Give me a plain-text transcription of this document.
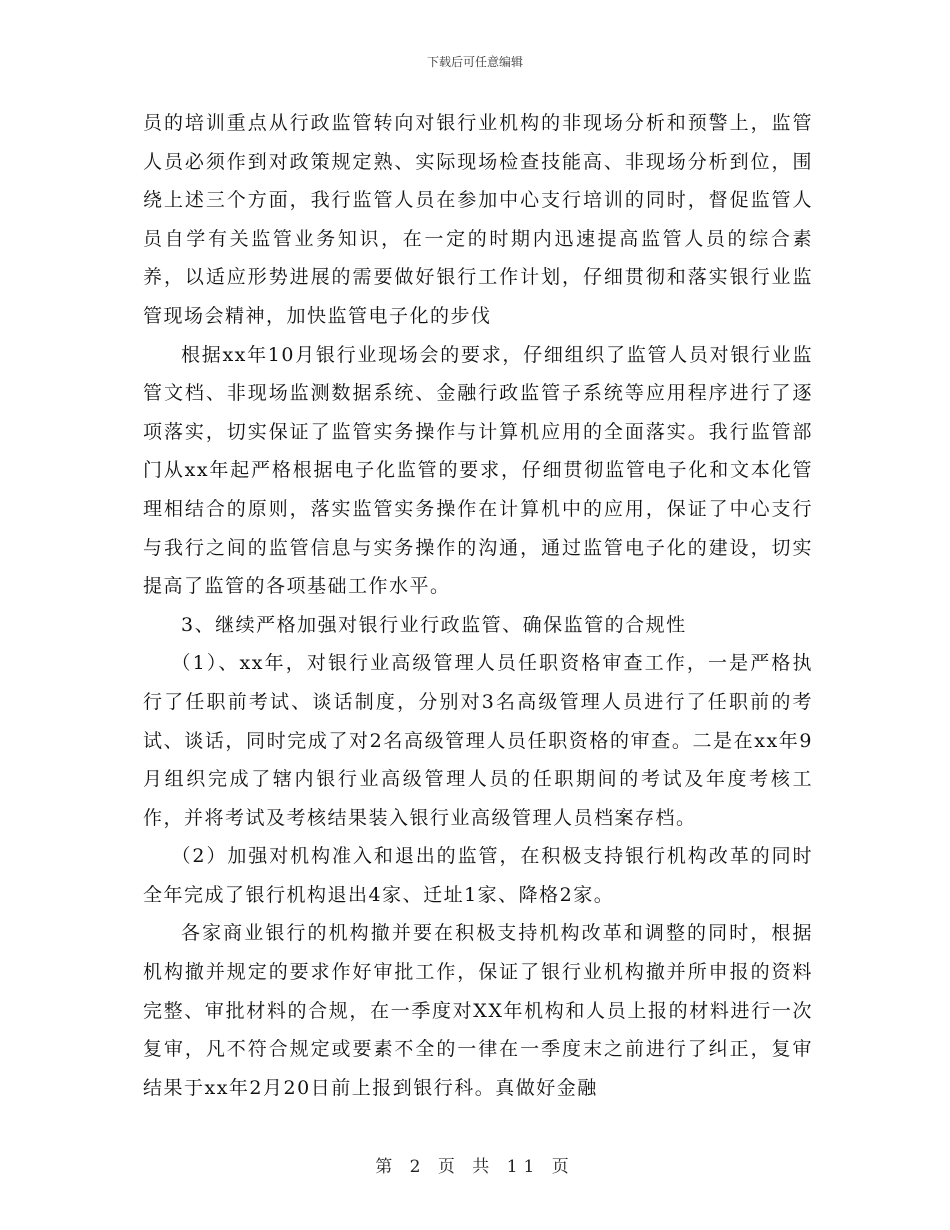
下载后可任意编辑

员的培训重点从行政监管转向对银行业机构的非现场分析和预警上，监管人员必须作到对政策规定熟、实际现场检查技能高、非现场分析到位，围绕上述三个方面，我行监管人员在参加中心支行培训的同时，督促监管人员自学有关监管业务知识，在一定的时期内迅速提高监管人员的综合素养，以适应形势进展的需要做好银行工作计划，仔细贯彻和落实银行业监管现场会精神，加快监管电子化的步伐

根据xx年10月银行业现场会的要求，仔细组织了监管人员对银行业监管文档、非现场监测数据系统、金融行政监管子系统等应用程序进行了逐项落实，切实保证了监管实务操作与计算机应用的全面落实。我行监管部门从xx年起严格根据电子化监管的要求，仔细贯彻监管电子化和文本化管理相结合的原则，落实监管实务操作在计算机中的应用，保证了中心支行与我行之间的监管信息与实务操作的沟通，通过监管电子化的建设，切实提高了监管的各项基础工作水平。

3、继续严格加强对银行业行政监管、确保监管的合规性

（1）、xx年，对银行业高级管理人员任职资格审查工作，一是严格执行了任职前考试、谈话制度，分别对3名高级管理人员进行了任职前的考试、谈话，同时完成了对2名高级管理人员任职资格的审查。二是在xx年9月组织完成了辖内银行业高级管理人员的任职期间的考试及年度考核工作，并将考试及考核结果装入银行业高级管理人员档案存档。

（2）加强对机构准入和退出的监管，在积极支持银行机构改革的同时全年完成了银行机构退出4家、迁址1家、降格2家。

各家商业银行的机构撤并要在积极支持机构改革和调整的同时，根据机构撤并规定的要求作好审批工作，保证了银行业机构撤并所申报的资料完整、审批材料的合规，在一季度对XX年机构和人员上报的材料进行一次复审，凡不符合规定或要素不全的一律在一季度末之前进行了纠正，复审结果于xx年2月20日前上报到银行科。真做好金融

第 2 页 共 11 页
